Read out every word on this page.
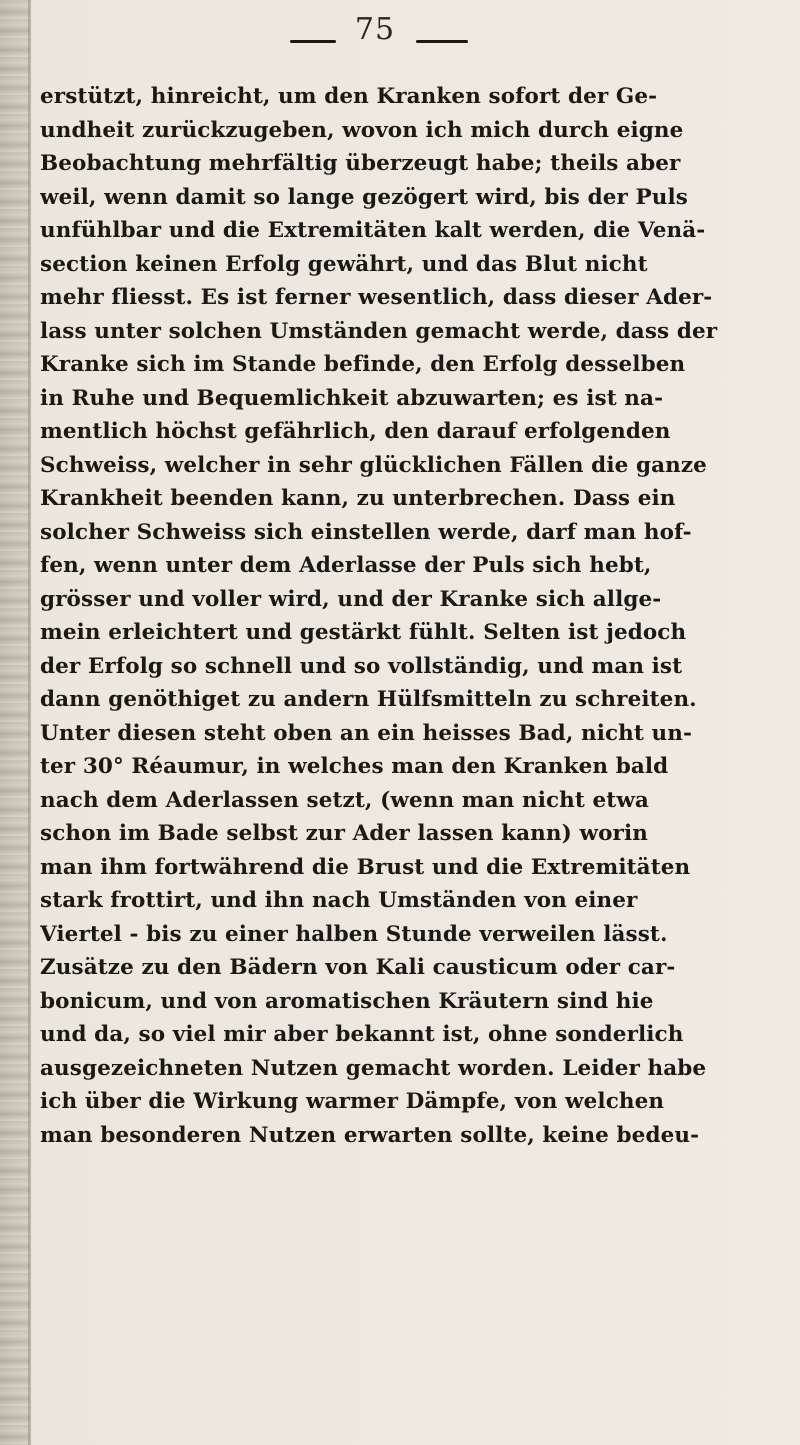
75
erstützt, hinreicht, um den Kranken sofort der Ge-
undheit zurückzugeben, wovon ich mich durch eigne
Beobachtung mehrfältig überzeugt habe; theils aber
weil, wenn damit so lange gezögert wird, bis der Puls
unfühlbar und die Extremitäten kalt werden, die Venä-
section keinen Erfolg gewährt, und das Blut nicht
mehr fliesst. Es ist ferner wesentlich, dass dieser Ader-
lass unter solchen Umständen gemacht werde, dass der
Kranke sich im Stande befinde, den Erfolg desselben
in Ruhe und Bequemlichkeit abzuwarten; es ist na-
mentlich höchst gefährlich, den darauf erfolgenden
Schweiss, welcher in sehr glücklichen Fällen die ganze
Krankheit beenden kann, zu unterbrechen. Dass ein
solcher Schweiss sich einstellen werde, darf man hof-
fen, wenn unter dem Aderlasse der Puls sich hebt,
grösser und voller wird, und der Kranke sich allge-
mein erleichtert und gestärkt fühlt. Selten ist jedoch
der Erfolg so schnell und so vollständig, und man ist
dann genöthiget zu andern Hülfsmitteln zu schreiten.
Unter diesen steht oben an ein heisses Bad, nicht un-
ter 30° Réaumur, in welches man den Kranken bald
nach dem Aderlassen setzt, (wenn man nicht etwa
schon im Bade selbst zur Ader lassen kann) worin
man ihm fortwährend die Brust und die Extremitäten
stark frottirt, und ihn nach Umständen von einer
Viertel - bis zu einer halben Stunde verweilen lässt.
Zusätze zu den Bädern von Kali causticum oder car-
bonicum, und von aromatischen Kräutern sind hie
und da, so viel mir aber bekannt ist, ohne sonderlich
ausgezeichneten Nutzen gemacht worden. Leider habe
ich über die Wirkung warmer Dämpfe, von welchen
man besonderen Nutzen erwarten sollte, keine bedeu-
